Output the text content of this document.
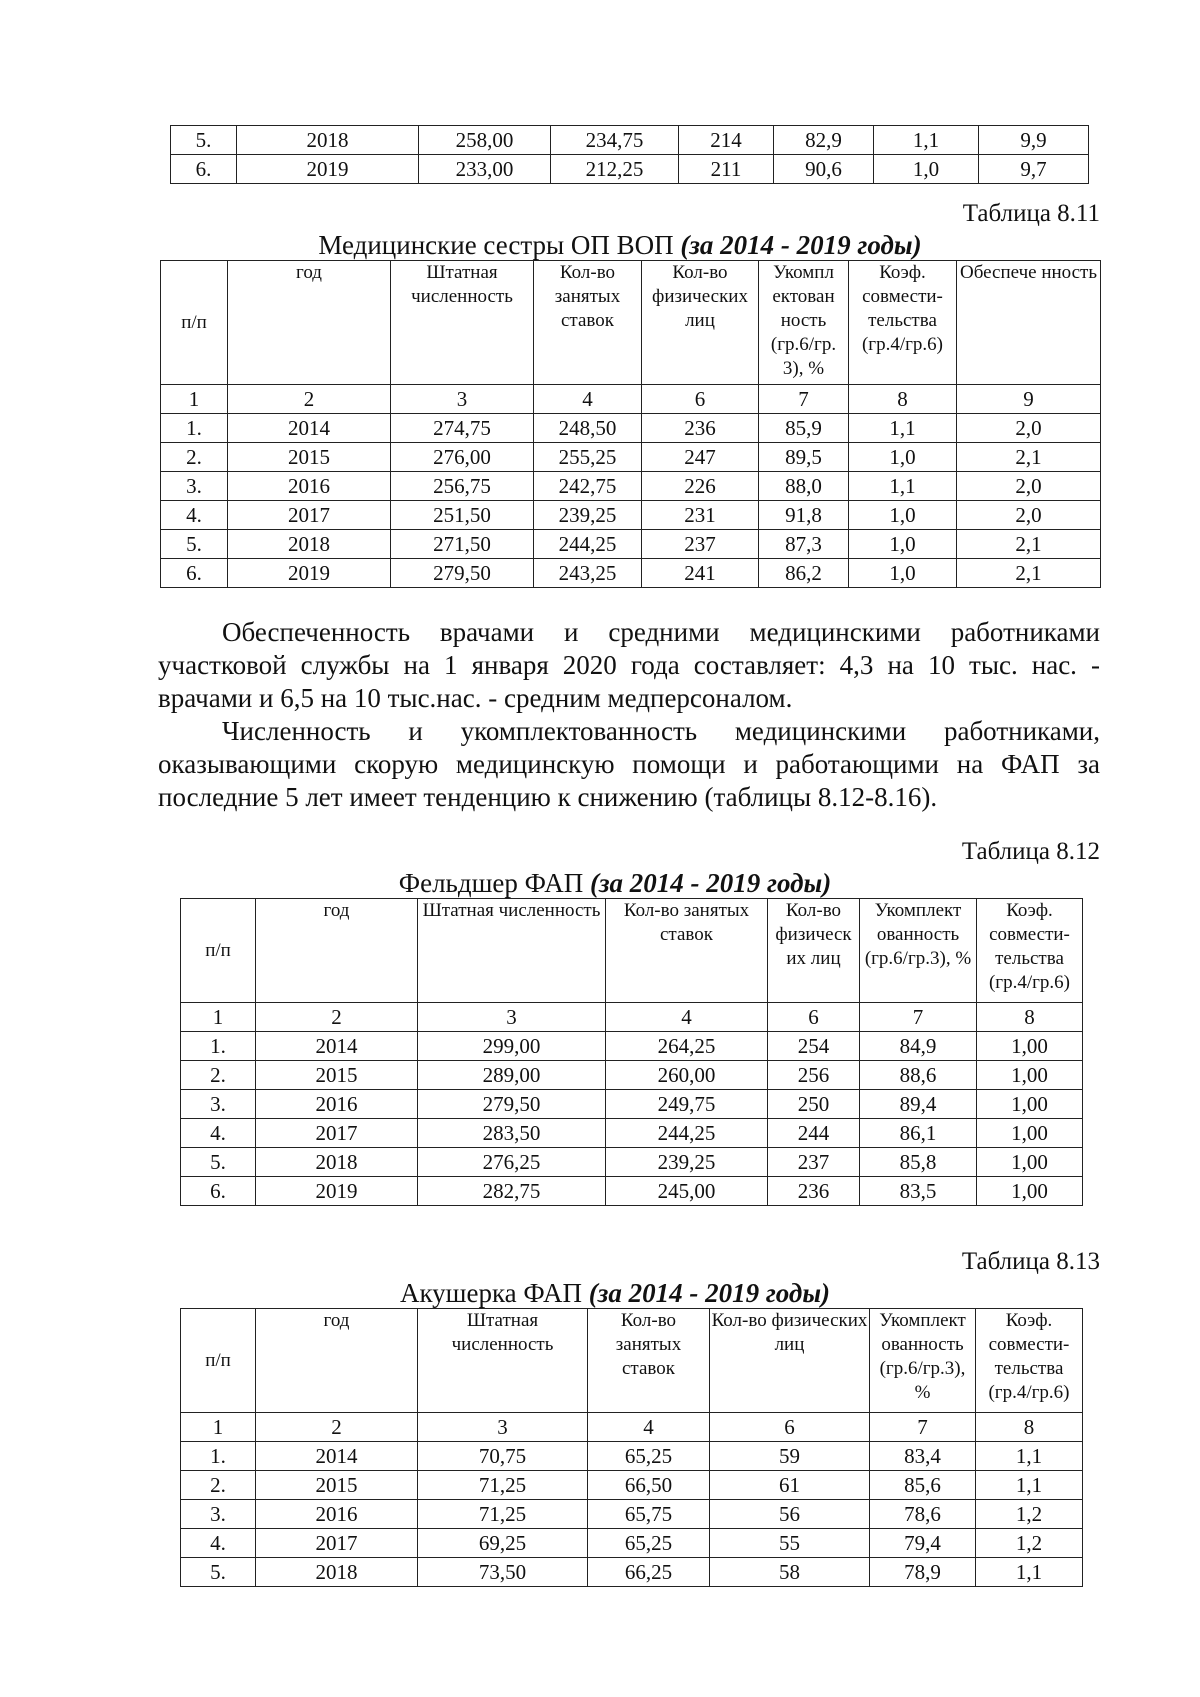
5.	2018	258,00	234,75	214	82,9	1,1	9,9
6.	2019	233,00	212,25	211	90,6	1,0	9,7
Таблица 8.11
Медицинские сестры ОП ВОП (за 2014 - 2019 годы)
п/п	год	Штатная численность	Кол-во занятых ставок	Кол-во физических лиц	Укомпл ектован ность (гр.6/гр. 3), %	Коэф. совмести- тельства (гр.4/гр.6)	Обеспече нность
1	2	3	4	6	7	8	9
1.	2014	274,75	248,50	236	85,9	1,1	2,0
2.	2015	276,00	255,25	247	89,5	1,0	2,1
3.	2016	256,75	242,75	226	88,0	1,1	2,0
4.	2017	251,50	239,25	231	91,8	1,0	2,0
5.	2018	271,50	244,25	237	87,3	1,0	2,1
6.	2019	279,50	243,25	241	86,2	1,0	2,1

Обеспеченность врачами и средними медицинскими работниками участковой службы на 1 января 2020 года составляет: 4,3 на 10 тыс. нас. - врачами и 6,5 на 10 тыс.нас. - средним медперсоналом.

Численность и укомплектованность медицинскими работниками, оказывающими скорую медицинскую помощи и работающими на ФАП за последние 5 лет имеет тенденцию к снижению (таблицы 8.12-8.16).

Таблица 8.12
Фельдшер ФАП (за 2014 - 2019 годы)
п/п	год	Штатная численность	Кол-во занятых ставок	Кол-во физическ их лиц	Укомплект ованность (гр.6/гр.3), %	Коэф. совмести- тельства (гр.4/гр.6)
1	2	3	4	6	7	8
1.	2014	299,00	264,25	254	84,9	1,00
2.	2015	289,00	260,00	256	88,6	1,00
3.	2016	279,50	249,75	250	89,4	1,00
4.	2017	283,50	244,25	244	86,1	1,00
5.	2018	276,25	239,25	237	85,8	1,00
6.	2019	282,75	245,00	236	83,5	1,00
Таблица 8.13
Акушерка ФАП (за 2014 - 2019 годы)
п/п	год	Штатная численность	Кол-во занятых ставок	Кол-во физических лиц	Укомплект ованность (гр.6/гр.3), %	Коэф. совмести- тельства (гр.4/гр.6)
1	2	3	4	6	7	8
1.	2014	70,75	65,25	59	83,4	1,1
2.	2015	71,25	66,50	61	85,6	1,1
3.	2016	71,25	65,75	56	78,6	1,2
4.	2017	69,25	65,25	55	79,4	1,2
5.	2018	73,50	66,25	58	78,9	1,1
